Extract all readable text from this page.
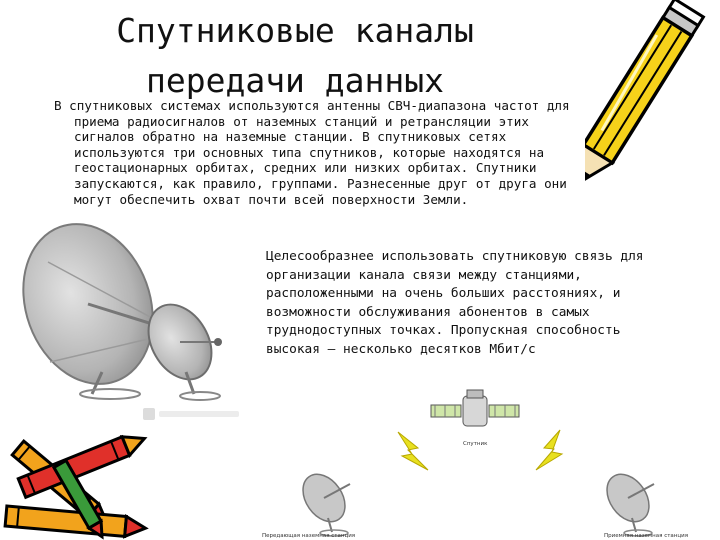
Спутниковые каналы
передачи данных
В спутниковых системах используются антенны СВЧ-диапазона частот для
приема радиосигналов от наземных станций и ретрансляции этих
сигналов обратно на наземные станции. В спутниковых сетях
используются три основных типа спутников, которые находятся на
геостационарных орбитах, средних или низких орбитах. Спутники
запускаются, как правило, группами. Разнесенные друг от друга они
могут обеспечить охват почти всей поверхности Земли.
Целесообразнее использовать спутниковую связь для
организации канала связи между станциями,
расположенными на очень больших расстояниях, и
возможности обслуживания абонентов в самых
труднодоступных точках. Пропускная способность
высокая – несколько десятков Мбит/с
Спутник
Передающая наземная станция	Приемная наземная станция
